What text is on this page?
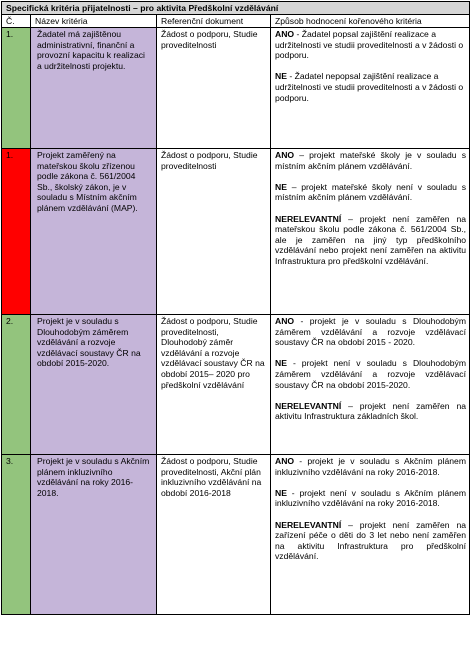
Specifická kritéria přijatelnosti – pro aktivita Předškolní vzdělávání			
Č.	Název kritéria	Referenční dokument	Způsob hodnocení kořenového kritéria
1.	Žadatel má zajištěnou administrativní, finanční a provozní kapacitu k realizaci a udržitelnosti projektu.	Žádost o podporu, Studie proveditelnosti	ANO - Žadatel popsal zajištění realizace a udržitelnosti ve studii proveditelnosti a v žádosti o podporu.

NE - Žadatel nepopsal zajištění realizace a udržitelnosti ve studii proveditelnosti a v žádosti o podporu.

1.	Projekt zaměřený na mateřskou školu zřízenou podle zákona č. 561/2004 Sb., školský zákon, je v souladu s Místním akčním plánem vzdělávání (MAP).	Žádost o podporu, Studie proveditelnosti	ANO – projekt mateřské školy je v souladu s místním akčním plánem vzdělávání.

NE – projekt mateřské školy není v souladu s místním akčním plánem vzdělávání.

NERELEVANTNÍ – projekt není zaměřen na mateřskou školu podle zákona č. 561/2004 Sb., ale je zaměřen na jiný typ předškolního vzdělávání nebo projekt není zaměřen na aktivitu Infrastruktura pro předškolní vzdělávání.

2.	Projekt je v souladu s Dlouhodobým záměrem vzdělávání a rozvoje vzdělávací soustavy ČR na období 2015-2020.	Žádost o podporu, Studie proveditelnosti, Dlouhodobý záměr vzdělávání a rozvoje vzdělávací soustavy ČR na období 2015– 2020 pro předškolní vzdělávání	ANO - projekt je v souladu s Dlouhodobým záměrem vzdělávání a rozvoje vzdělávací soustavy ČR na období 2015 - 2020.

NE - projekt není v souladu s Dlouhodobým záměrem vzdělávání a rozvoje vzdělávací soustavy ČR na období 2015-2020.

NERELEVANTNÍ – projekt není zaměřen na aktivitu Infrastruktura základních škol.

3.	Projekt je v souladu s Akčním plánem inkluzivního vzdělávání na roky 2016-2018.	Žádost o podporu, Studie proveditelnosti, Akční plán inkluzivního vzdělávání na období 2016-2018	ANO - projekt je v souladu s Akčním plánem inkluzivního vzdělávání na roky 2016-2018.

NE - projekt není v souladu s Akčním plánem inkluzivního vzdělávání na roky 2016-2018.

NERELEVANTNÍ – projekt není zaměřen na zařízení péče o děti do 3 let nebo není zaměřen na aktivitu Infrastruktura pro předškolní vzdělávání.
